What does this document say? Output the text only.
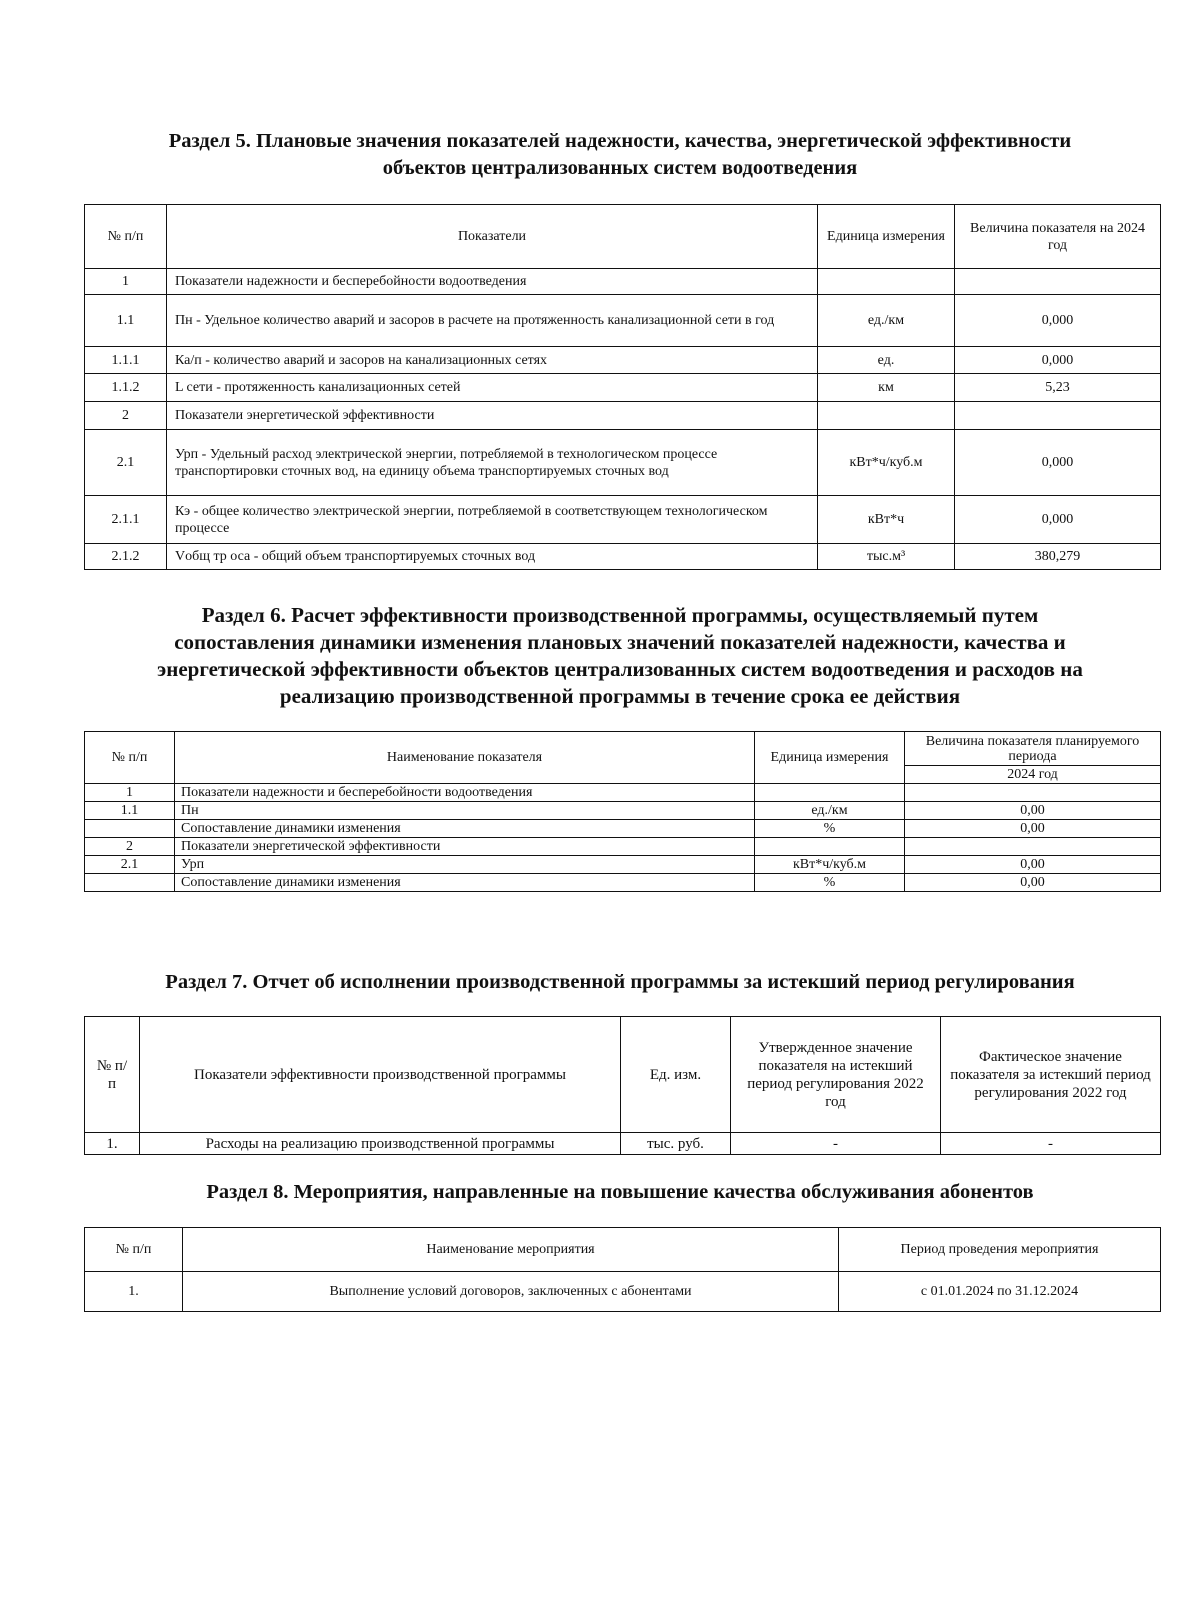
Раздел 5. Плановые значения показателей надежности, качества, энергетической эффективности
объектов централизованных систем водоотведения
№ п/п	Показатели	Единица измерения	Величина показателя на 2024 год
1	Показатели надежности и бесперебойности водоотведения		
1.1	Пн - Удельное количество аварий и засоров в расчете на протяженность канализационной сети в год	ед./км	0,000
1.1.1	Ка/п - количество аварий и засоров на канализационных сетях	ед.	0,000
1.1.2	L сети - протяженность канализационных сетей	км	5,23
2	Показатели энергетической эффективности		
2.1	Урп - Удельный расход электрической энергии, потребляемой в технологическом процессе транспортировки сточных вод, на единицу объема транспортируемых сточных вод	кВт*ч/куб.м	0,000
2.1.1	Кэ - общее количество электрической энергии, потребляемой в соответствующем технологическом процессе	кВт*ч	0,000
2.1.2	Vобщ тр оса - общий объем транспортируемых сточных вод	тыс.м³	380,279
Раздел 6. Расчет эффективности производственной программы, осуществляемый путем
сопоставления динамики изменения плановых значений показателей надежности, качества и
энергетической эффективности объектов централизованных систем водоотведения и расходов на
реализацию производственной программы в течение срока ее действия
№ п/п	Наименование показателя	Единица измерения	Величина показателя планируемого периода
			2024 год
1	Показатели надежности и бесперебойности водоотведения		
1.1	Пн	ед./км	0,00
	Сопоставление динамики изменения	%	0,00
2	Показатели энергетической эффективности		
2.1	Урп	кВт*ч/куб.м	0,00
	Сопоставление динамики изменения	%	0,00
Раздел 7. Отчет об исполнении производственной программы за истекший период регулирования
№ п/п	Показатели эффективности производственной программы	Ед. изм.	Утвержденное значение показателя на истекший период регулирования 2022 год	Фактическое значение показателя за истекший период регулирования 2022 год
1.	Расходы на реализацию производственной программы	тыс. руб.	-	-
Раздел 8. Мероприятия, направленные на повышение качества обслуживания абонентов
№ п/п	Наименование мероприятия	Период проведения мероприятия
1.	Выполнение условий договоров, заключенных с абонентами	с 01.01.2024 по 31.12.2024
